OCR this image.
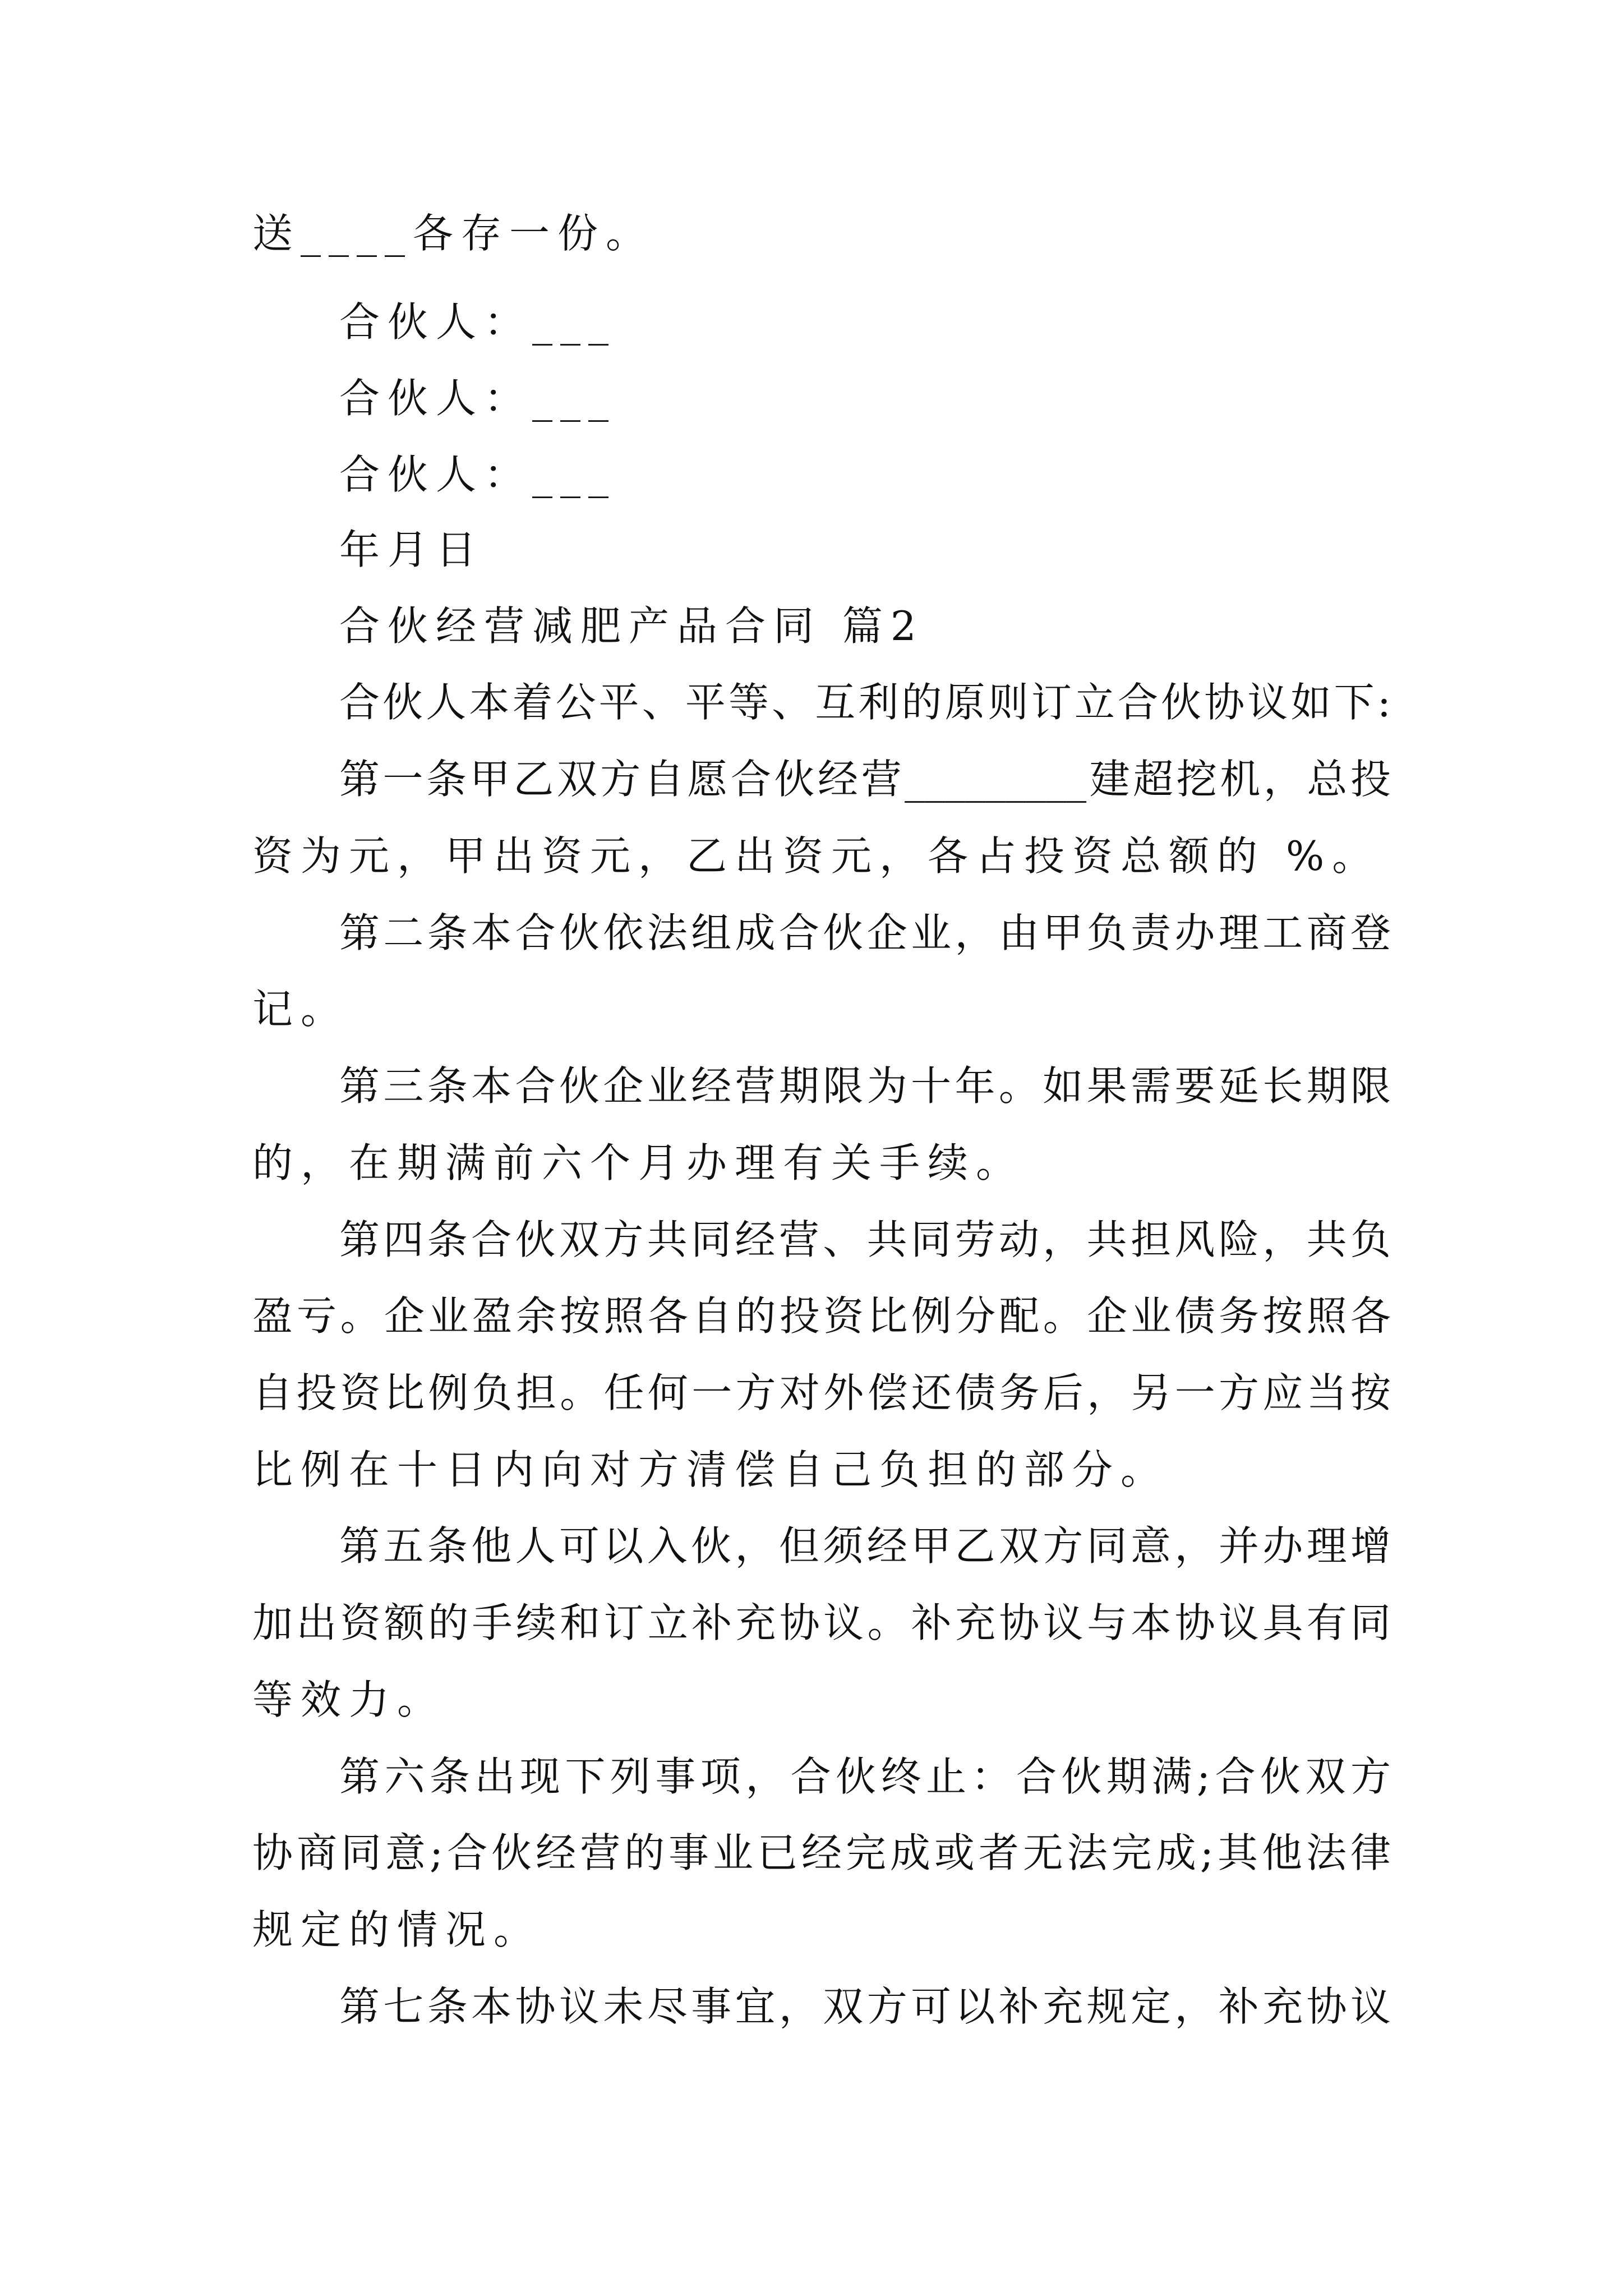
送____各存一份。
合伙人：___
合伙人：___
合伙人：___
年月日
合伙经营减肥产品合同 篇2
合伙人本着公平、平等、互利的原则订立合伙协议如下:
第一条甲乙双方自愿合伙经营_________建超挖机，总投
资为元，甲出资元，乙出资元，各占投资总额的 %。
第二条本合伙依法组成合伙企业，由甲负责办理工商登
记。
第三条本合伙企业经营期限为十年。如果需要延长期限
的，在期满前六个月办理有关手续。
第四条合伙双方共同经营、共同劳动，共担风险，共负
盈亏。企业盈余按照各自的投资比例分配。企业债务按照各
自投资比例负担。任何一方对外偿还债务后，另一方应当按
比例在十日内向对方清偿自己负担的部分。
第五条他人可以入伙，但须经甲乙双方同意，并办理增
加出资额的手续和订立补充协议。补充协议与本协议具有同
等效力。
第六条出现下列事项，合伙终止：合伙期满;合伙双方
协商同意;合伙经营的事业已经完成或者无法完成;其他法律
规定的情况。
第七条本协议未尽事宜，双方可以补充规定，补充协议
